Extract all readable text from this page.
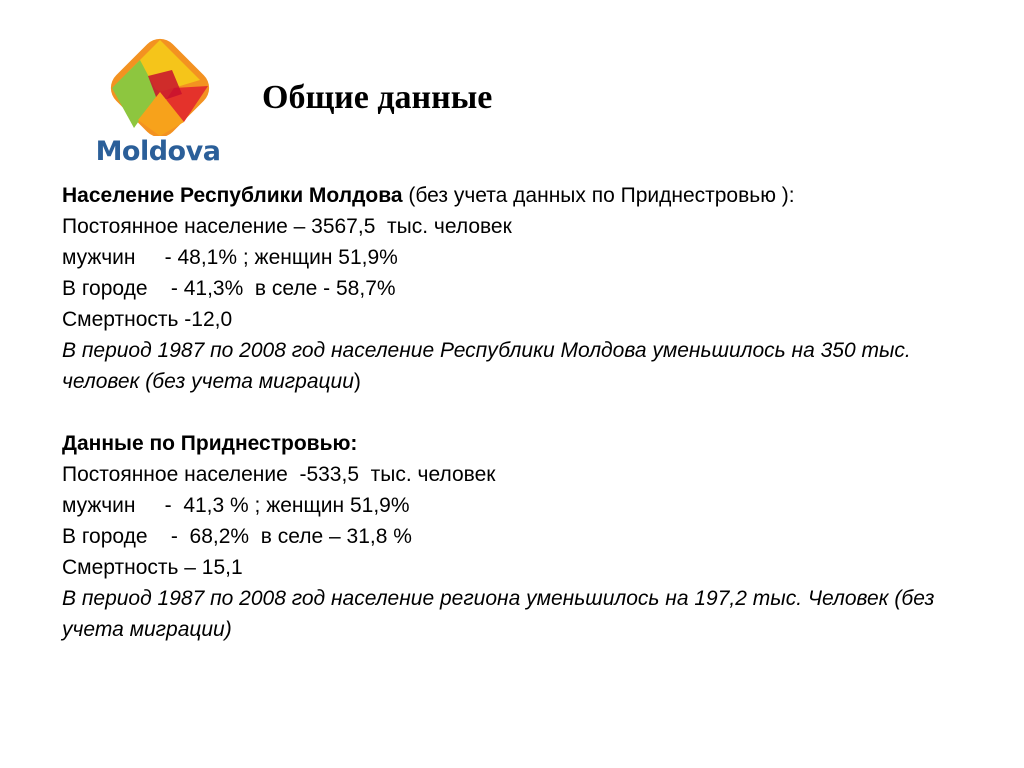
Moldova
Общие данные
Население Республики Молдова (без учета данных по Приднестровью ):
Постоянное население – 3567,5  тыс. человек
мужчин     - 48,1% ; женщин 51,9%
В городе    - 41,3%  в селе - 58,7%
Смертность -12,0
В период 1987 по 2008 год население Республики Молдова уменьшилось на 350 тыс. человек (без учета миграции)
Данные по Приднестровью:
Постоянное население  -533,5  тыс. человек
мужчин     -  41,3 % ; женщин 51,9%
В городе    -  68,2%  в селе – 31,8 %
Смертность – 15,1
В период 1987 по 2008 год население региона уменьшилось на 197,2 тыс. Человек (без учета миграции)
